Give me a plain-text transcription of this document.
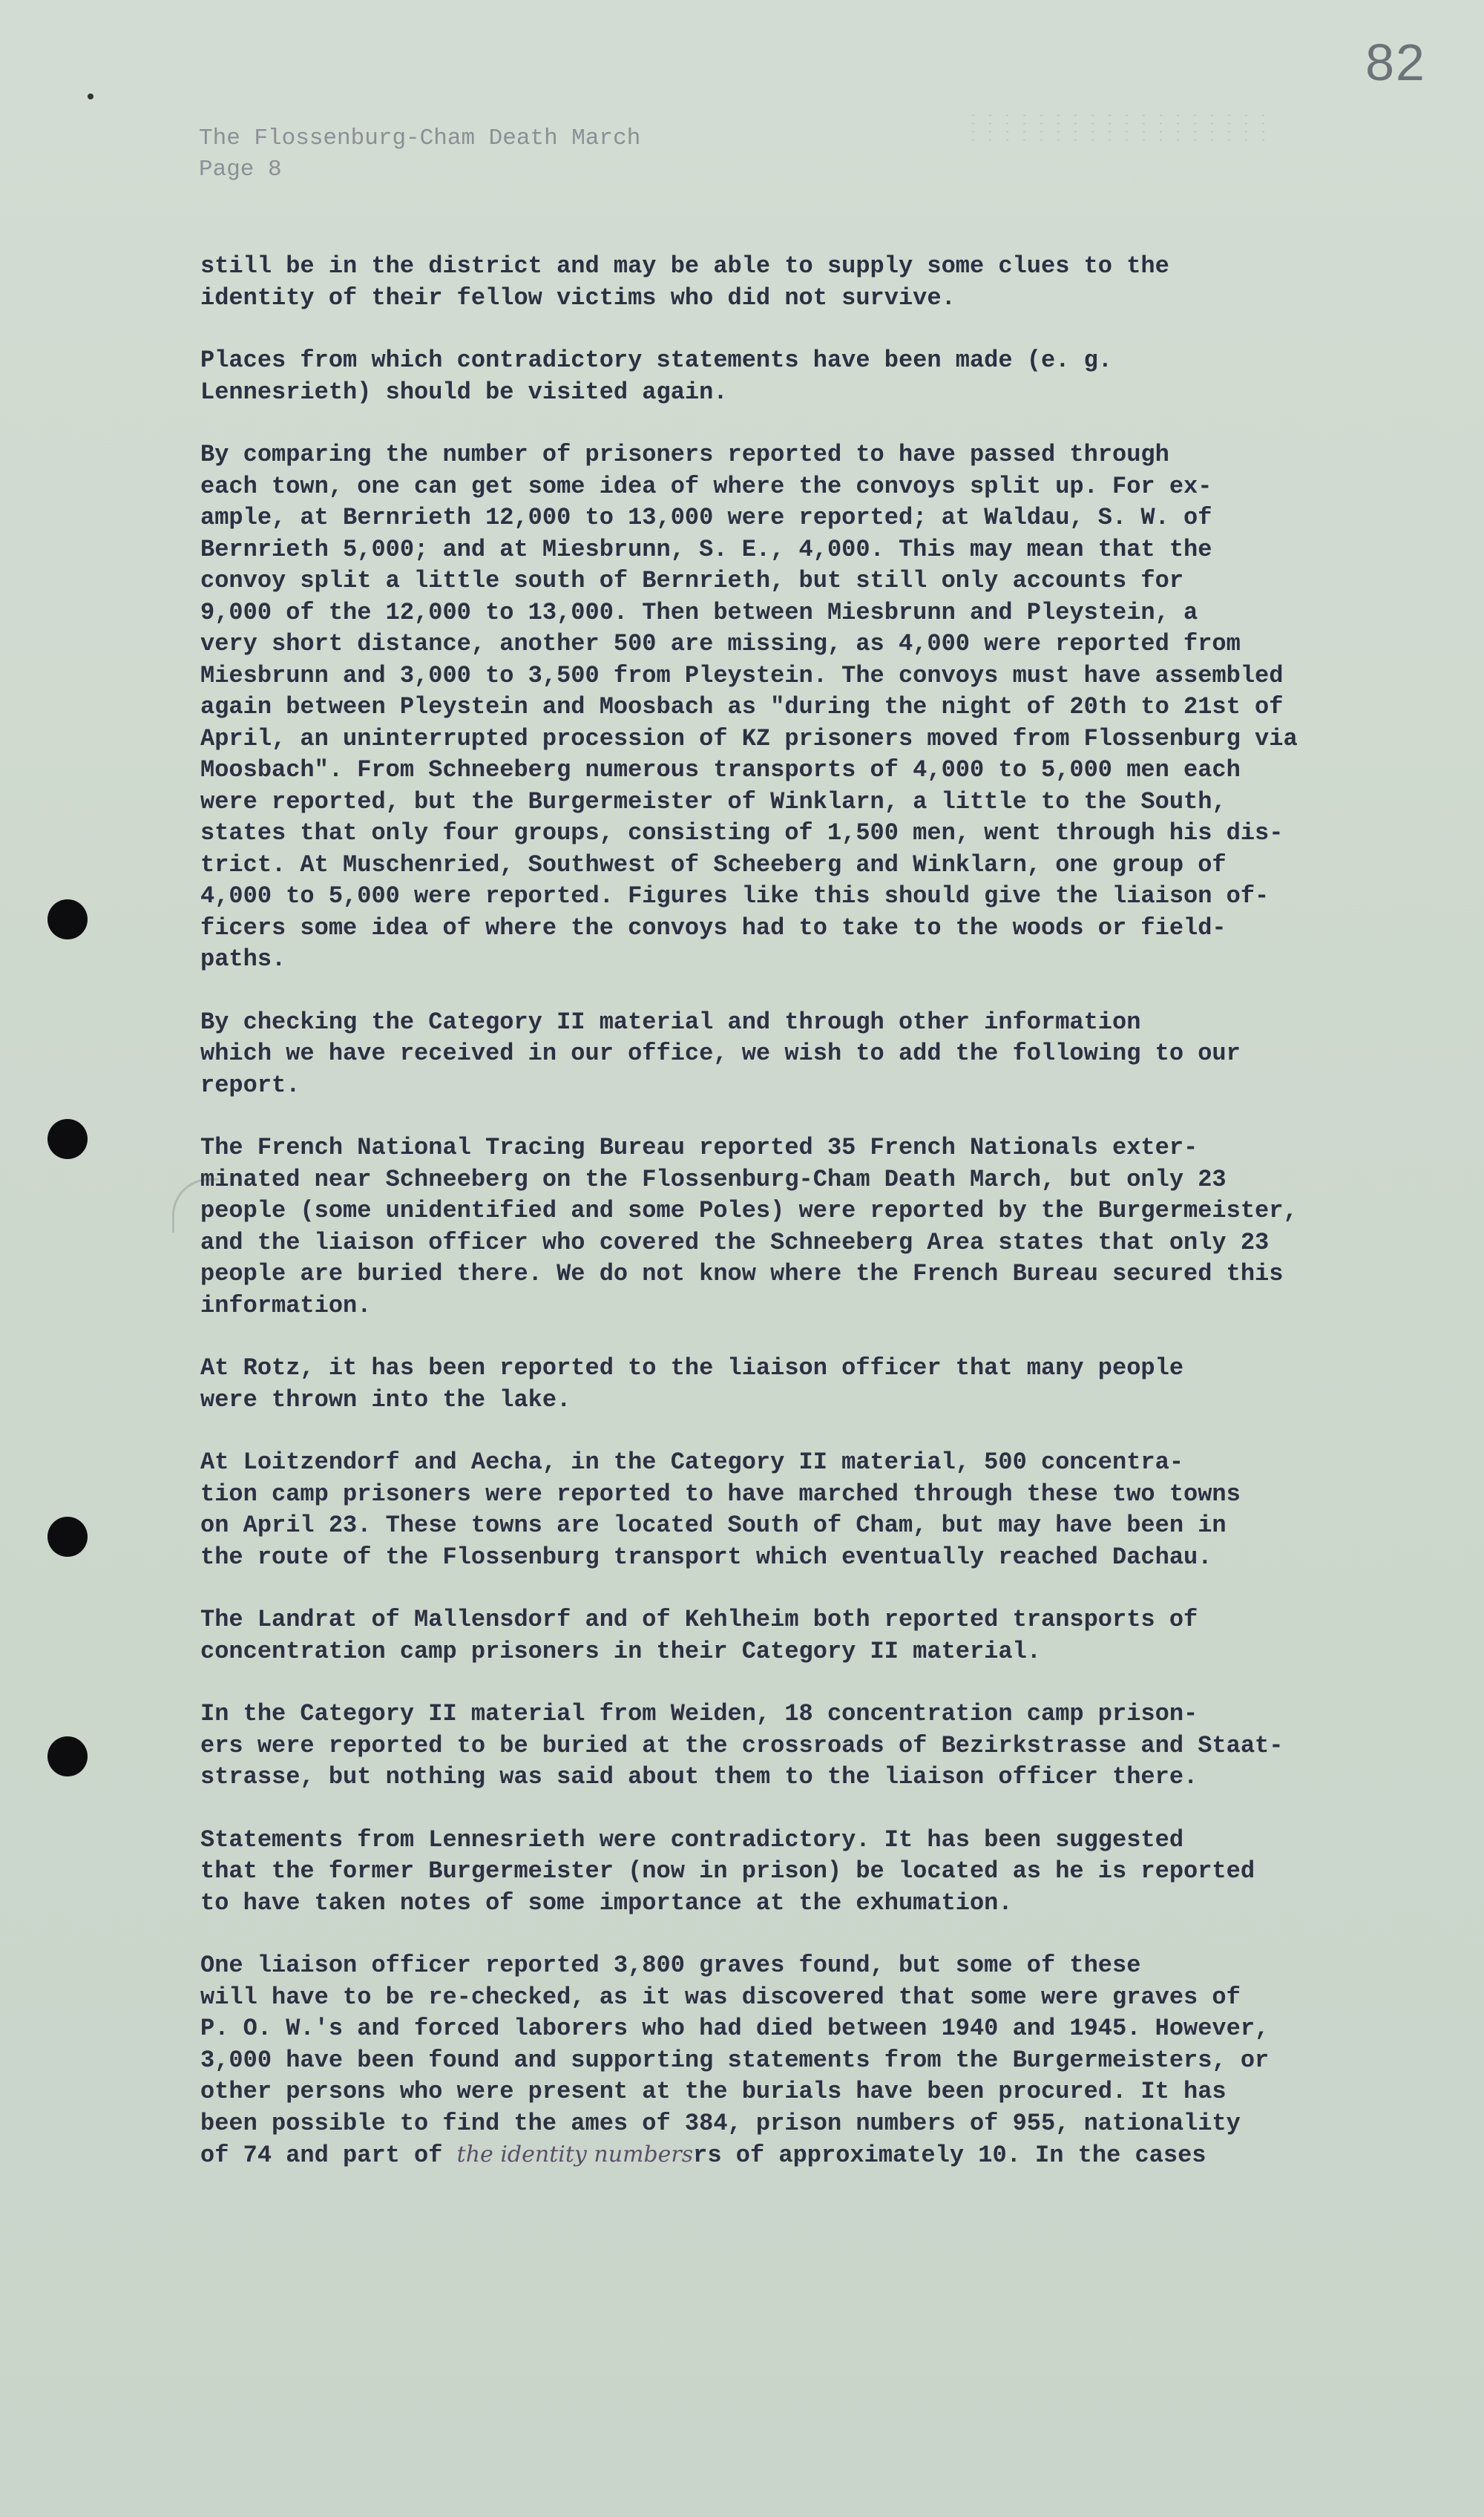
82
The Flossenburg-Cham Death March
Page 8

still be in the district and may be able to supply some clues to the
identity of their fellow victims who did not survive.

Places from which contradictory statements have been made (e. g.
Lennesrieth) should be visited again.

By comparing the number of prisoners reported to have passed through
each town, one can get some idea of where the convoys split up. For ex-
ample, at Bernrieth 12,000 to 13,000 were reported; at Waldau, S. W. of
Bernrieth 5,000; and at Miesbrunn, S. E., 4,000. This may mean that the
convoy split a little south of Bernrieth, but still only accounts for
9,000 of the 12,000 to 13,000. Then between Miesbrunn and Pleystein, a
very short distance, another 500 are missing, as 4,000 were reported from
Miesbrunn and 3,000 to 3,500 from Pleystein. The convoys must have assembled
again between Pleystein and Moosbach as "during the night of 20th to 21st of
April, an uninterrupted procession of KZ prisoners moved from Flossenburg via
Moosbach". From Schneeberg numerous transports of 4,000 to 5,000 men each
were reported, but the Burgermeister of Winklarn, a little to the South,
states that only four groups, consisting of 1,500 men, went through his dis-
trict. At Muschenried, Southwest of Scheeberg and Winklarn, one group of
4,000 to 5,000 were reported. Figures like this should give the liaison of-
ficers some idea of where the convoys had to take to the woods or field-
paths.

By checking the Category II material and through other information
which we have received in our office, we wish to add the following to our
report.

The French National Tracing Bureau reported 35 French Nationals exter-
minated near Schneeberg on the Flossenburg-Cham Death March, but only 23
people (some unidentified and some Poles) were reported by the Burgermeister,
and the liaison officer who covered the Schneeberg Area states that only 23
people are buried there. We do not know where the French Bureau secured this
information.

At Rotz, it has been reported to the liaison officer that many people
were thrown into the lake.

At Loitzendorf and Aecha, in the Category II material, 500 concentra-
tion camp prisoners were reported to have marched through these two towns
on April 23. These towns are located South of Cham, but may have been in
the route of the Flossenburg transport which eventually reached Dachau.

The Landrat of Mallensdorf and of Kehlheim both reported transports of
concentration camp prisoners in their Category II material.

In the Category II material from Weiden, 18 concentration camp prison-
ers were reported to be buried at the crossroads of Bezirkstrasse and Staat-
strasse, but nothing was said about them to the liaison officer there.

Statements from Lennesrieth were contradictory. It has been suggested
that the former Burgermeister (now in prison) be located as he is reported
to have taken notes of some importance at the exhumation.

One liaison officer reported 3,800 graves found, but some of these
will have to be re-checked, as it was discovered that some were graves of
P. O. W.'s and forced laborers who had died between 1940 and 1945. However,
3,000 have been found and supporting statements from the Burgermeisters, or
other persons who were present at the burials have been procured. It has
been possible to find the ames of 384, prison numbers of 955, nationality
of 74 and part of the identity numbersrs of approximately 10. In the cases
